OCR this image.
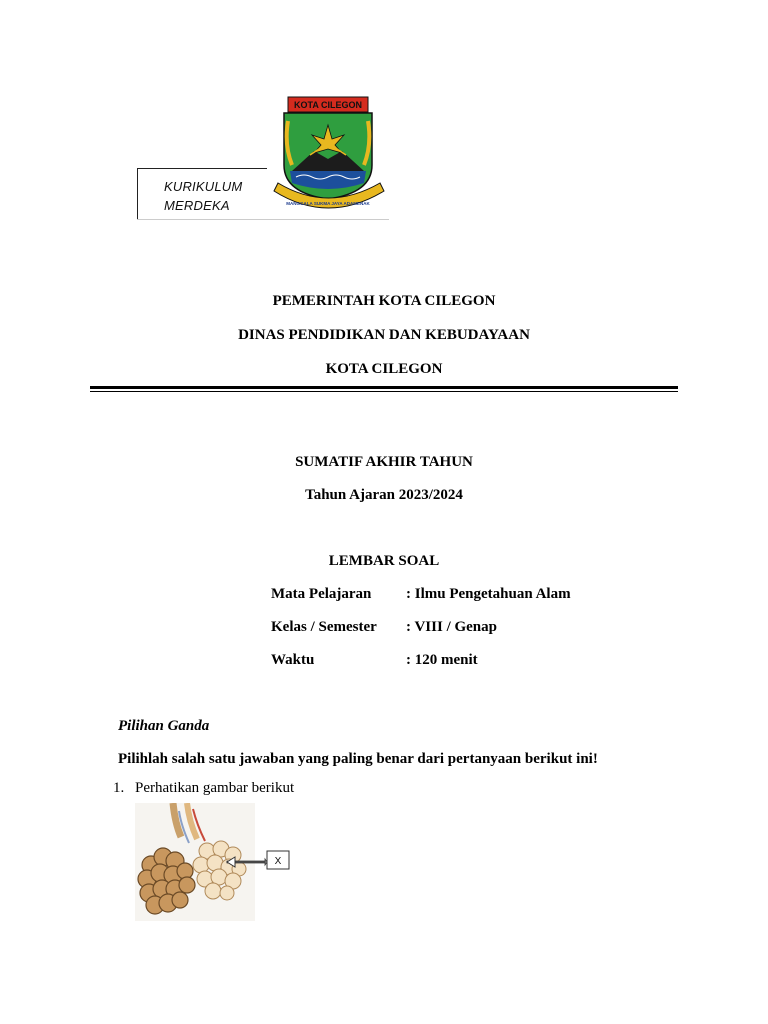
KURIKULUM
MERDEKA
KOTA CILEGON
MANGGALA SUKMA JAYA ADAMENAK
PEMERINTAH KOTA CILEGON
DINAS PENDIDIKAN DAN KEBUDAYAAN
KOTA CILEGON
SUMATIF AKHIR TAHUN
Tahun Ajaran 2023/2024
LEMBAR SOAL
Mata Pelajaran	: Ilmu Pengetahuan Alam
Kelas / Semester	: VIII / Genap
Waktu	: 120 menit
Pilihan Ganda
Pilihlah salah satu jawaban yang paling benar dari pertanyaan berikut ini!
1. Perhatikan gambar berikut
X
